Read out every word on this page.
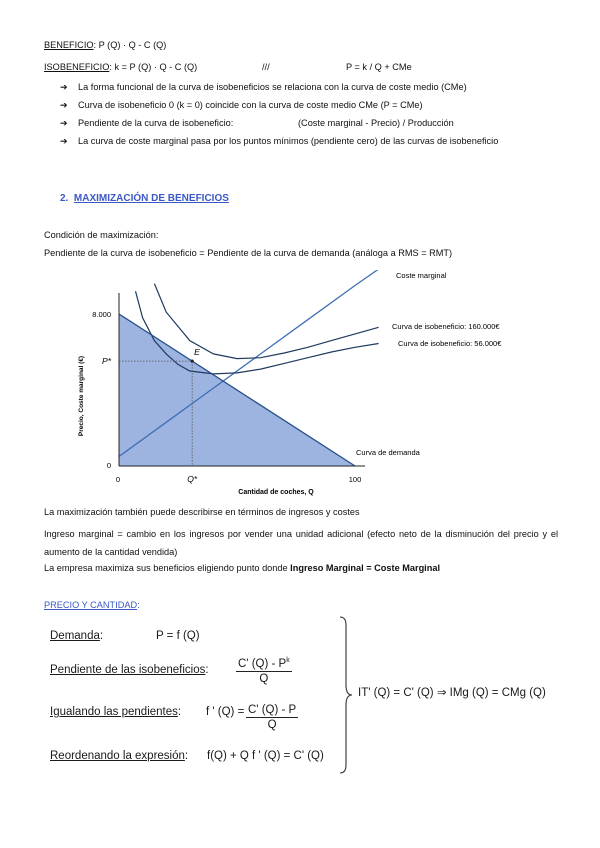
BENEFICIO: P (Q) · Q - C (Q)
ISOBENEFICIO: k = P (Q) · Q - C (Q)	///	P = k / Q + CMe
➔ La forma funcional de la curva de isobeneficios se relaciona con la curva de coste medio (CMe)
➔ Curva de isobeneficio 0 (k = 0) coincide con la curva de coste medio CMe (P = CMe)
➔ Pendiente de la curva de isobeneficio:	(Coste marginal - Precio) / Producción
➔ La curva de coste marginal pasa por los puntos mínimos (pendiente cero) de las curvas de isobeneficio
2. MAXIMIZACIÓN DE BENEFICIOS
Condición de maximización:
Pendiente de la curva de isobeneficio = Pendiente de la curva de demanda (análoga a RMS = RMT)
E
0	Q*	100
0
P*
8.000
Cantidad de coches, Q
Precio, Coste marginal (€)
Coste marginal
Curva de isobeneficio: 160.000€
Curva de isobeneficio: 56.000€
Curva de demanda
La maximización también puede describirse en términos de ingresos y costes
Ingreso marginal = cambio en los ingresos por vender una unidad adicional (efecto neto de la disminución del precio y el aumento de la cantidad vendida)
La empresa maximiza sus beneficios eligiendo punto donde Ingreso Marginal = Coste Marginal
PRECIO Y CANTIDAD:
Demanda:	P = f (Q)
Pendiente de las isobeneficios: $\frac{C' (Q) - P^k}{Q}$
Igualando las pendientes: f ' $(Q) = \frac{C' (Q) - P}{Q}$
Reordenando la expresión: f(Q) + Q f ' (Q) = C' (Q)
IT' (Q) = C' (Q) ⇒ IMg (Q) = CMg (Q)
